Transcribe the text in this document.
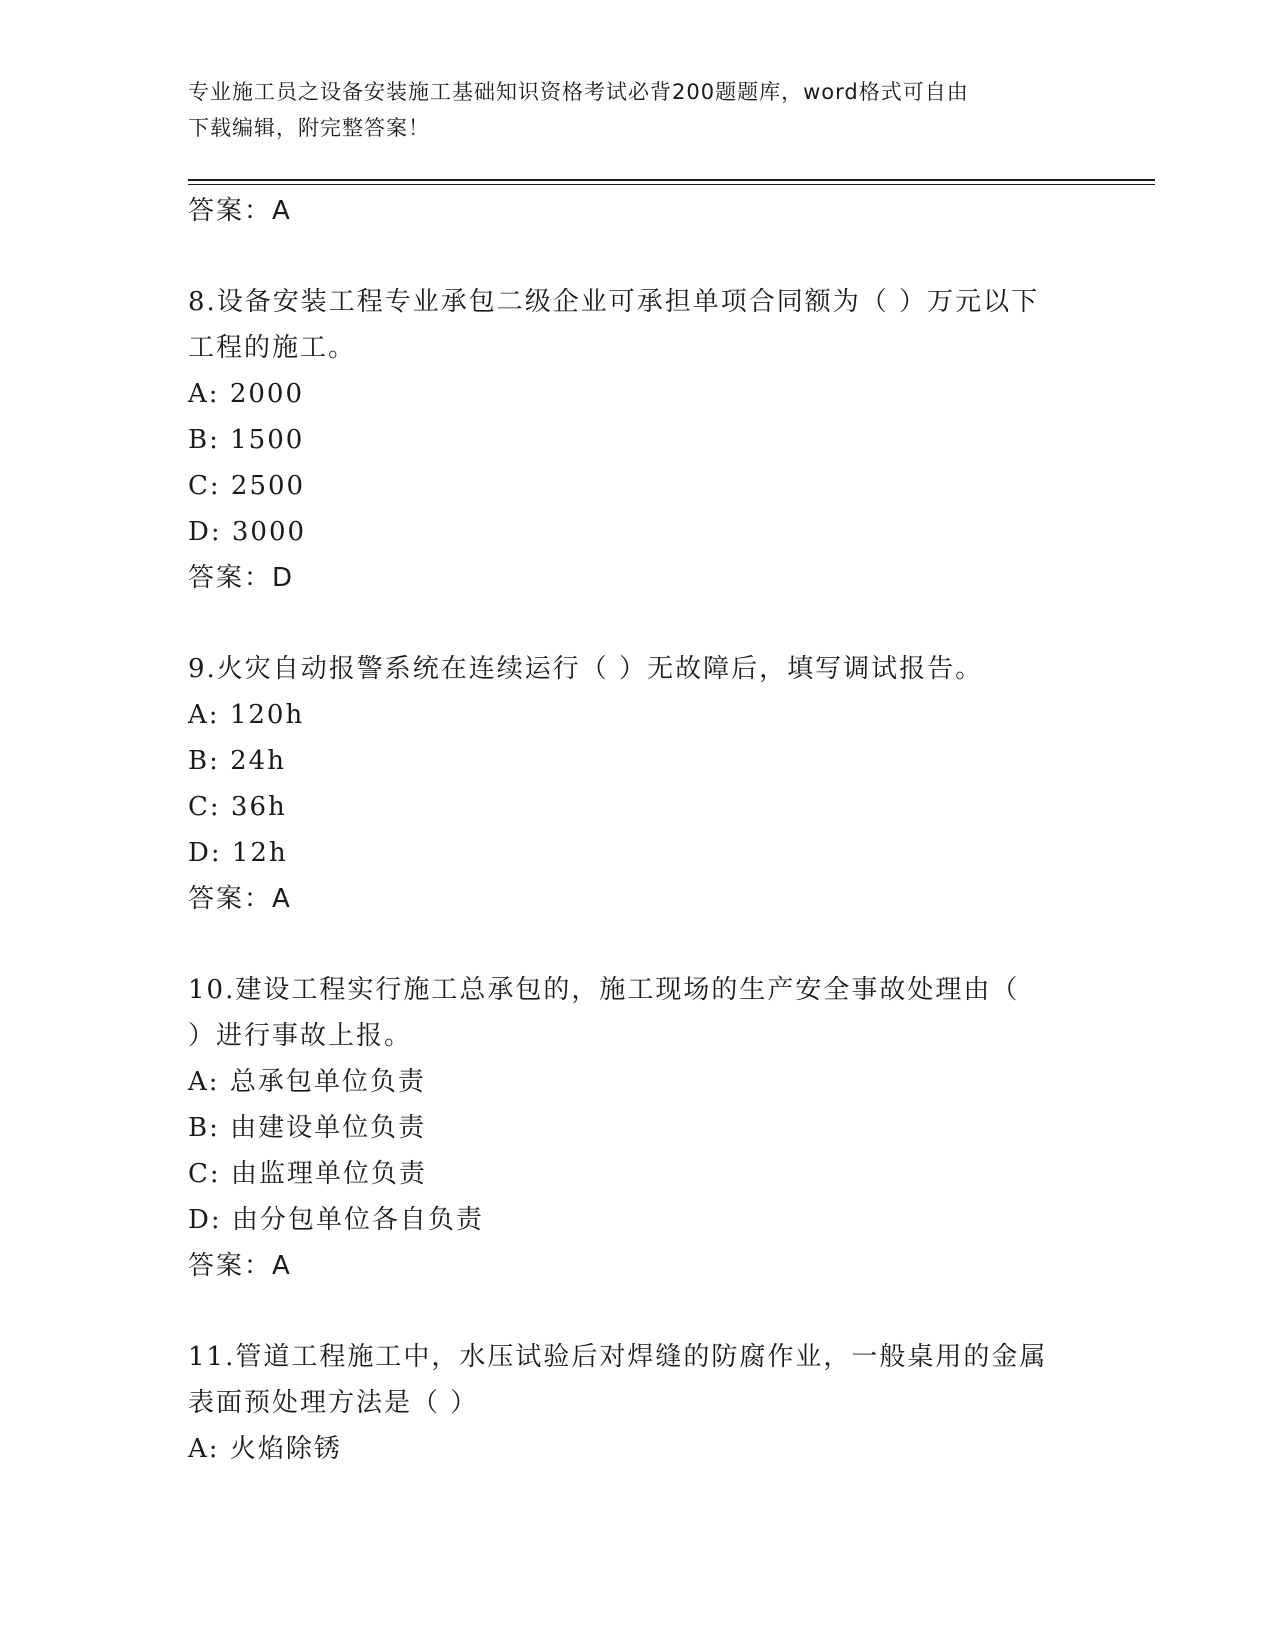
专业施工员之设备安装施工基础知识资格考试必背200题题库，word格式可自由
下载编辑，附完整答案！
答案：A
8.设备安装工程专业承包二级企业可承担单项合同额为（ ）万元以下
工程的施工。
A: 2000
B: 1500
C: 2500
D: 3000
答案：D
9.火灾自动报警系统在连续运行（ ）无故障后，填写调试报告。
A: 120h
B: 24h
C: 36h
D: 12h
答案：A
10.建设工程实行施工总承包的，施工现场的生产安全事故处理由（
）进行事故上报。
A: 总承包单位负责
B: 由建设单位负责
C: 由监理单位负责
D: 由分包单位各自负责
答案：A
11.管道工程施工中，水压试验后对焊缝的防腐作业，一般桌用的金属
表面预处理方法是（ ）
A: 火焰除锈
